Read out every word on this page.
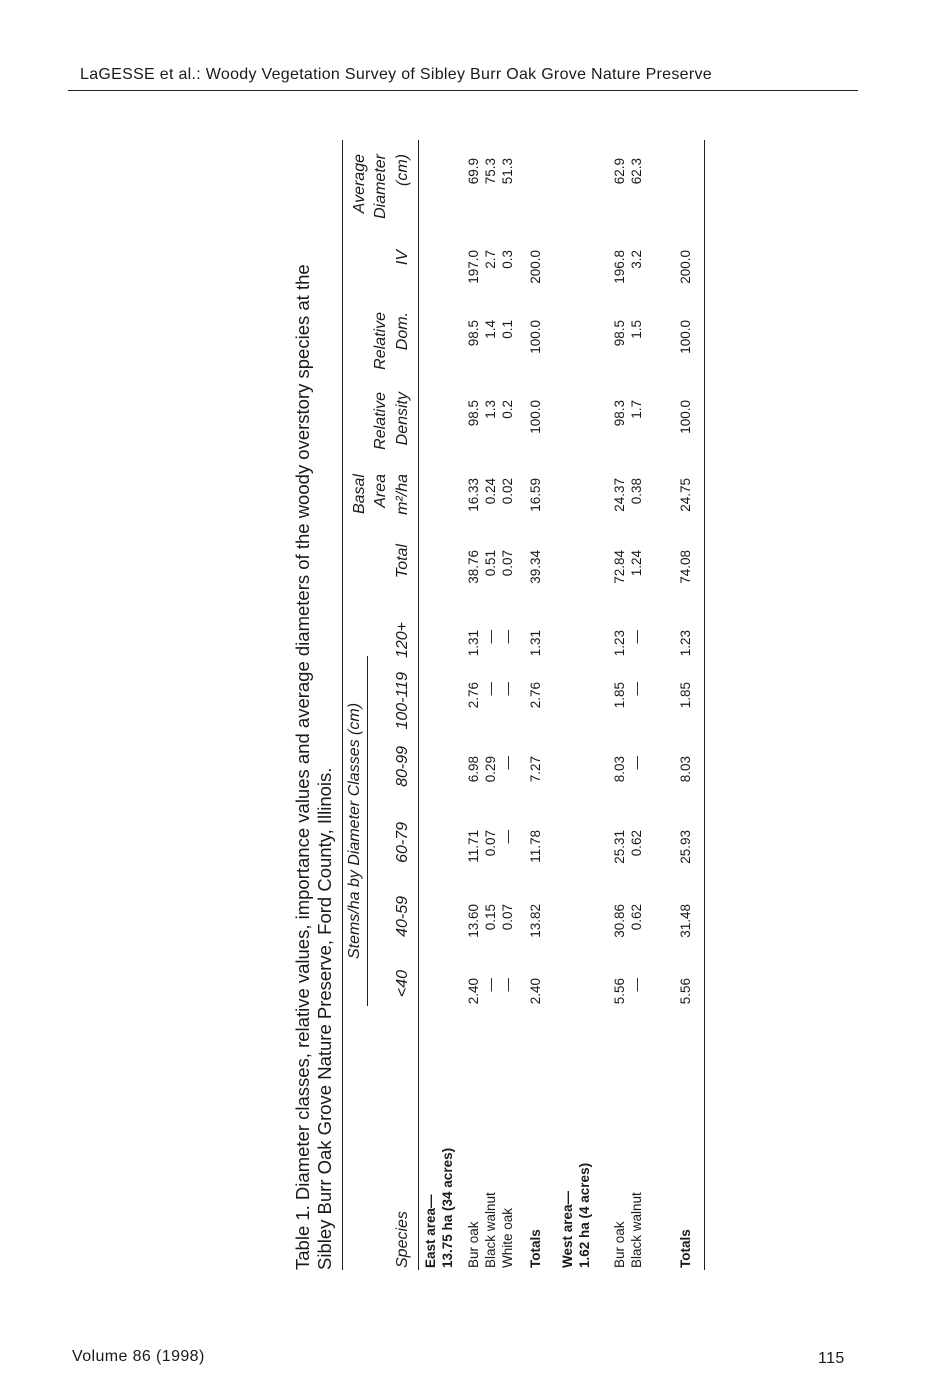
LaGESSE et al.: Woody Vegetation Survey of Sibley Burr Oak Grove Nature Preserve
Table 1. Diameter classes, relative values, importance values and average diameters of the woody overstory species at the Sibley Burr Oak Grove Nature Preserve, Ford County, Illinois. Stems/ha by Diameter Classes (cm)
Species
<40
40-59
60-79
80-99
100-119
120+
Total
Basal Area m²/ha
Relative Density
Relative Dom.
IV
Average Diameter (cm)
East area— 13.75 ha (34 acres) Bur oak
2.40
13.60
11.71
6.98
2.76
1.31
38.76
16.33
98.5
98.5
197.0
69.9
Black walnut
—
0.15
0.07
0.29
—
—
0.51
0.24
1.3
1.4
2.7
75.3
White oak
—
0.07
—
—
—
—
0.07
0.02
0.2
0.1
0.3
51.3
Totals
2.40
13.82
11.78
7.27
2.76
1.31
39.34
16.59
100.0
100.0
200.0
West area— 1.62 ha (4 acres) Bur oak
5.56
30.86
25.31
8.03
1.85
1.23
72.84
24.37
98.3
98.5
196.8
62.9
Black walnut
—
0.62
0.62
—
—
—
1.24
0.38
1.7
1.5
3.2
62.3
Totals
5.56
31.48
25.93
8.03
1.85
1.23
74.08
24.75
100.0
100.0
200.0
Volume 86 (1998)	115
